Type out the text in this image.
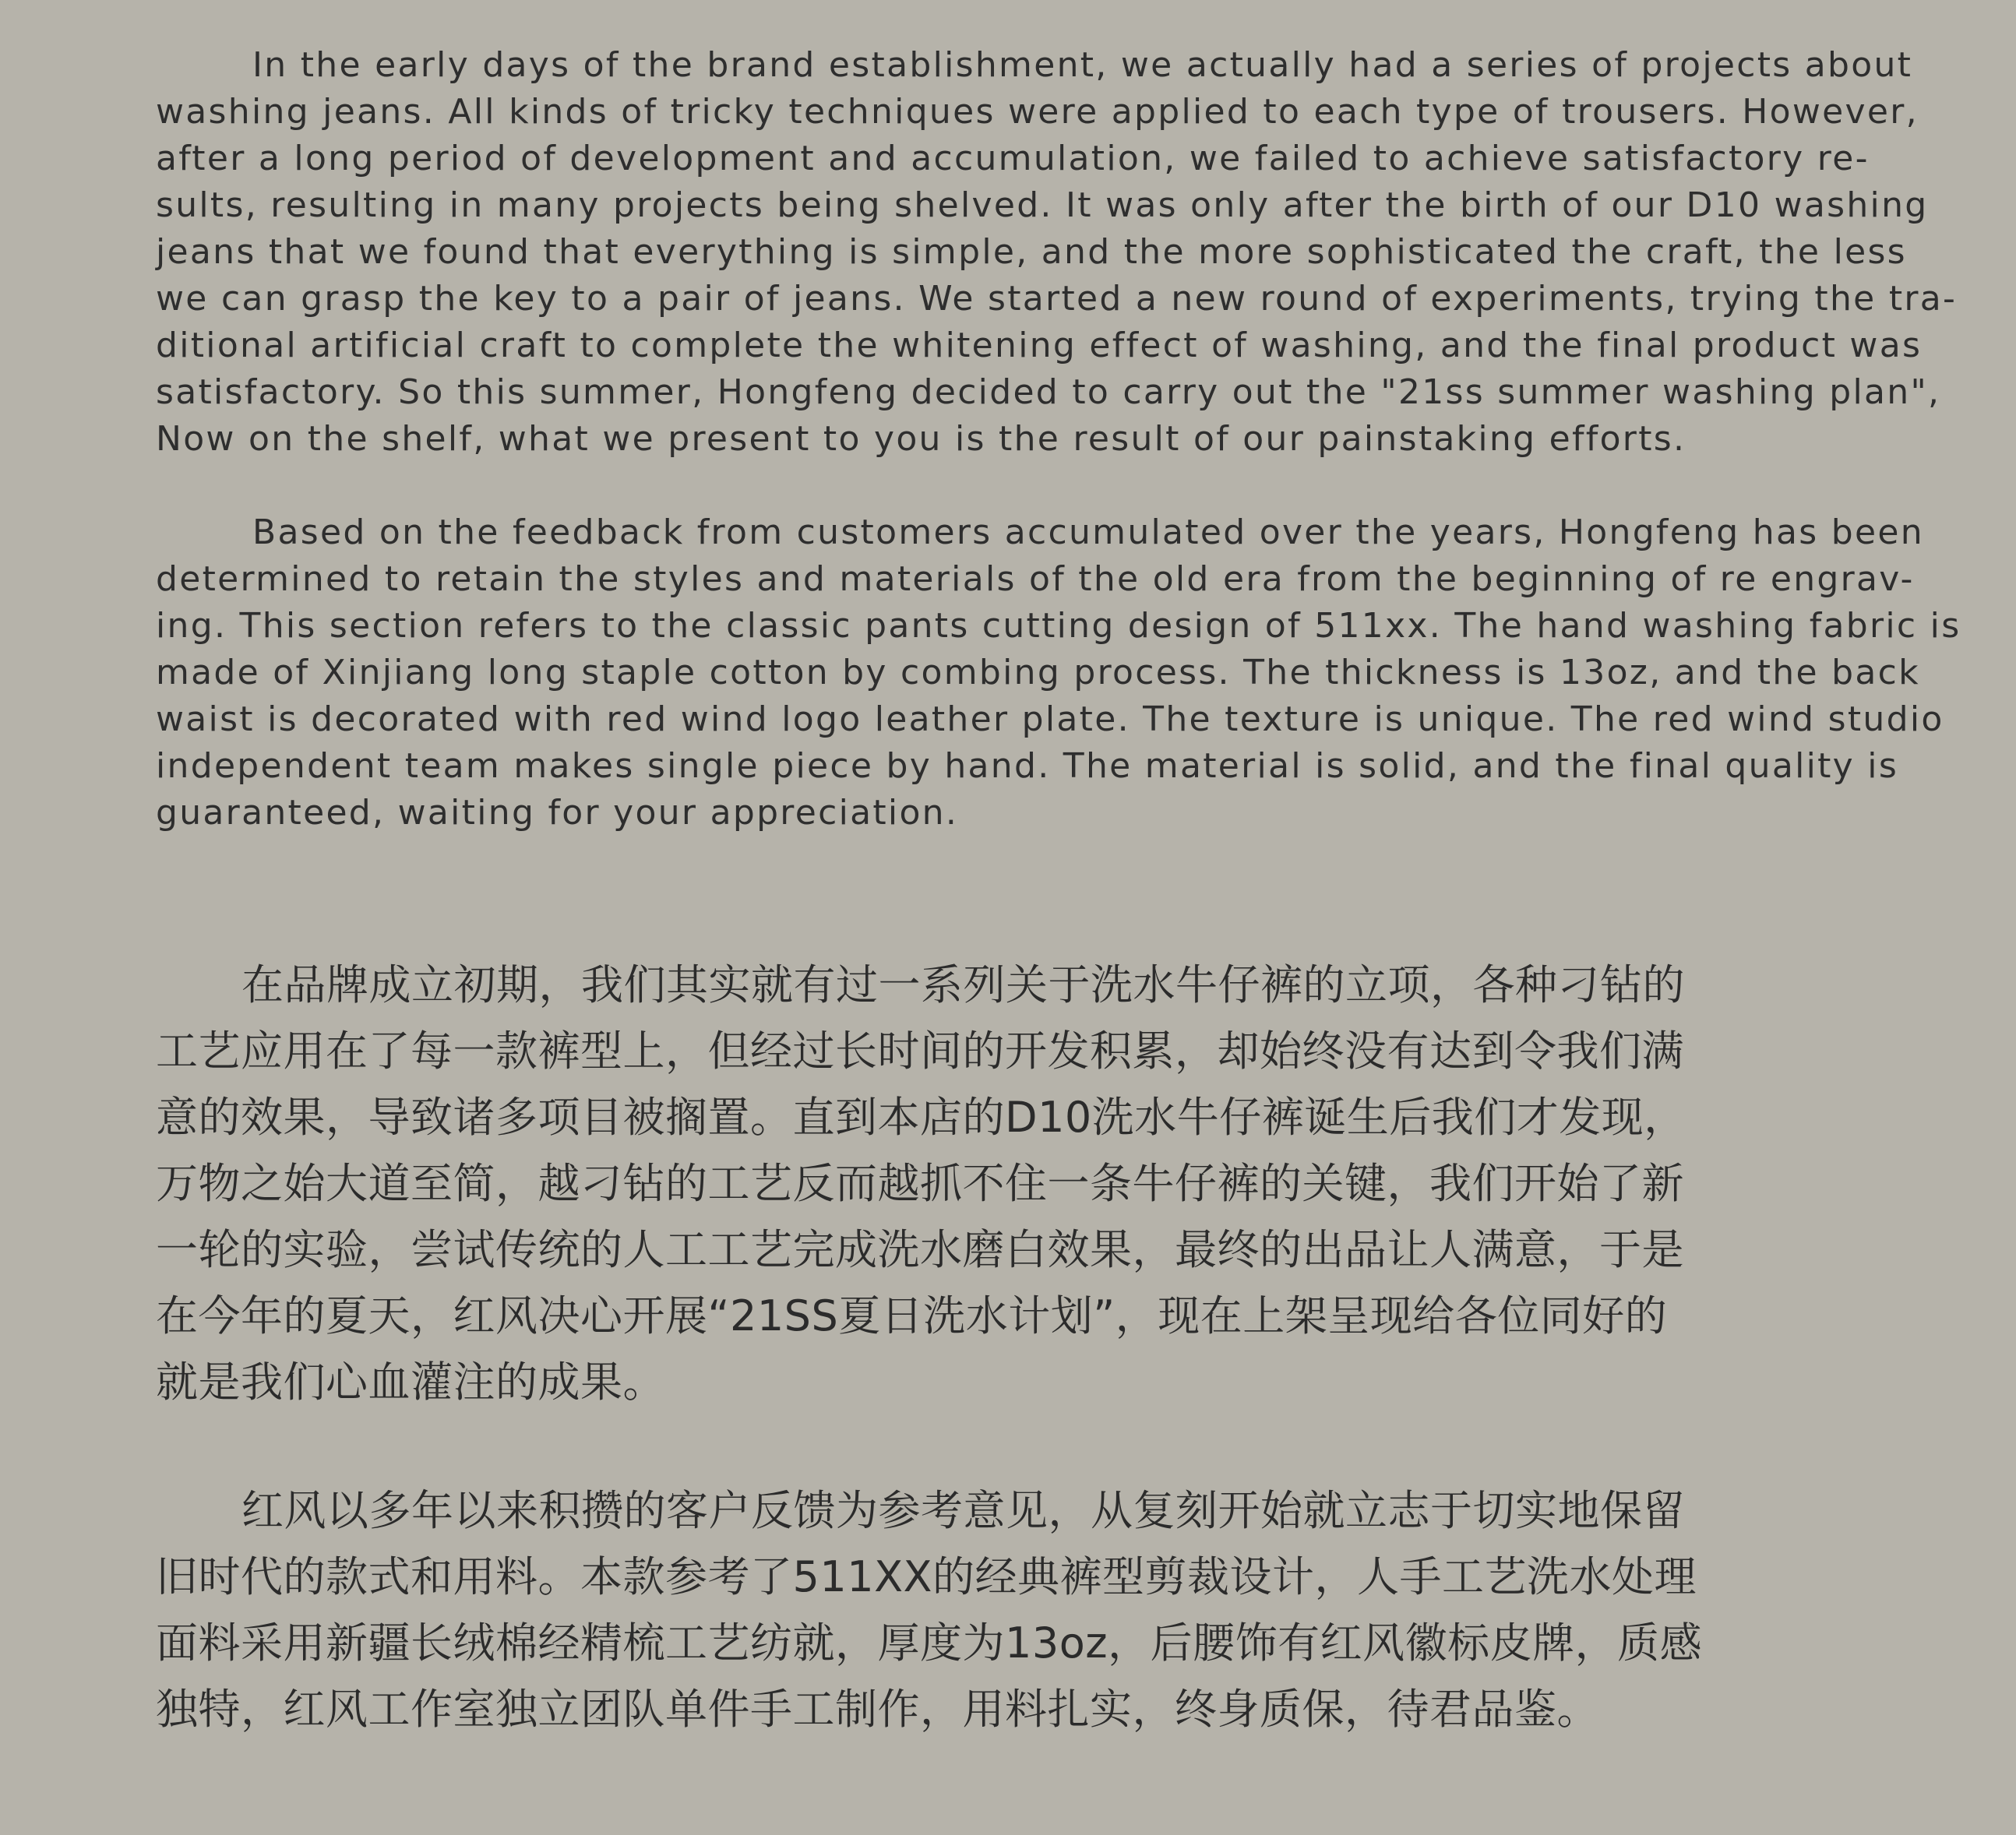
In the early days of the brand establishment, we actually had a series of projects about
washing jeans. All kinds of tricky techniques were applied to each type of trousers. However,
after a long period of development and accumulation, we failed to achieve satisfactory re-
sults, resulting in many projects being shelved. It was only after the birth of our D10 washing
jeans that we found that everything is simple, and the more sophisticated the craft, the less
we can grasp the key to a pair of jeans. We started a new round of experiments, trying the tra-
ditional artificial craft to complete the whitening effect of washing, and the final product was
satisfactory. So this summer, Hongfeng decided to carry out the "21ss summer washing plan",
Now on the shelf, what we present to you is the result of our painstaking efforts.
Based on the feedback from customers accumulated over the years, Hongfeng has been
determined to retain the styles and materials of the old era from the beginning of re engrav-
ing. This section refers to the classic pants cutting design of 511xx. The hand washing fabric is
made of Xinjiang long staple cotton by combing process. The thickness is 13oz, and the back
waist is decorated with red wind logo leather plate. The texture is unique. The red wind studio
independent team makes single piece by hand. The material is solid, and the final quality is
guaranteed, waiting for your appreciation.
在品牌成立初期，我们其实就有过一系列关于洗水牛仔裤的立项，各种刁钻的
工艺应用在了每一款裤型上，但经过长时间的开发积累，却始终没有达到令我们满
意的效果，导致诸多项目被搁置。直到本店的D10洗水牛仔裤诞生后我们才发现，
万物之始大道至简，越刁钻的工艺反而越抓不住一条牛仔裤的关键，我们开始了新
一轮的实验，尝试传统的人工工艺完成洗水磨白效果，最终的出品让人满意，于是
在今年的夏天，红风决心开展“21SS夏日洗水计划”，现在上架呈现给各位同好的
就是我们心血灌注的成果。
红风以多年以来积攒的客户反馈为参考意见，从复刻开始就立志于切实地保留
旧时代的款式和用料。本款参考了511XX的经典裤型剪裁设计，人手工艺洗水处理
面料采用新疆长绒棉经精梳工艺纺就，厚度为13oz，后腰饰有红风徽标皮牌，质感
独特，红风工作室独立团队单件手工制作，用料扎实，终身质保，待君品鉴。
